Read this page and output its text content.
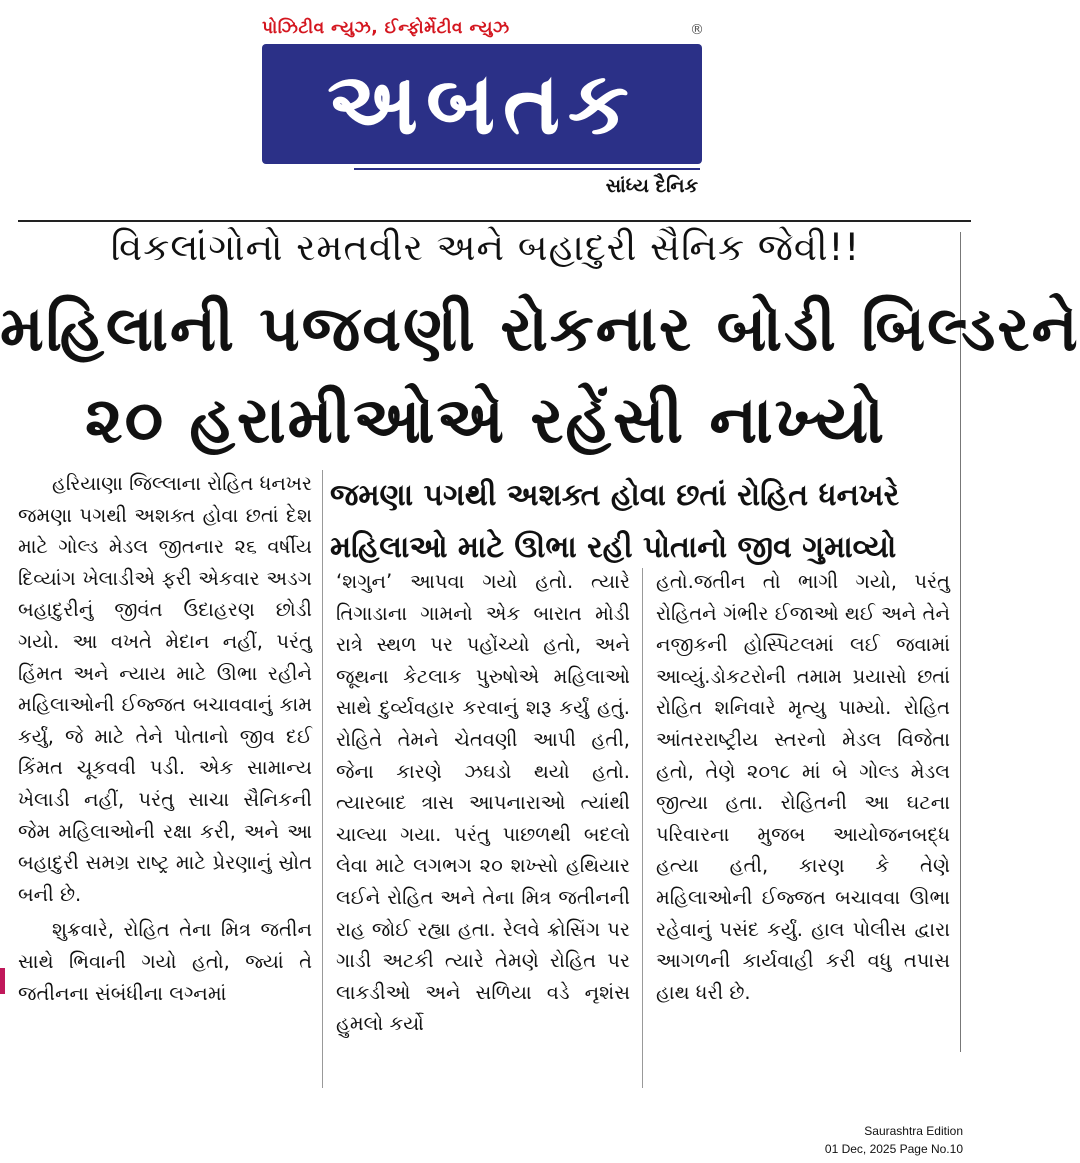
પોઝિટીવ ન્યુઝ, ઈન્ફોર્મેટીવ ન્યુઝ	®
અબતક
સાંધ્ય દૈનિક
વિકલાંગોનો રમતવીર અને બહાદુરી સૈનિક જેવી!!
મહિલાની પજવણી રોકનાર બોડી બિલ્ડરને
૨૦ હરામીઓએ રહેંસી નાખ્યો
જમણા પગથી અશક્ત હોવા છતાં રોહિત ધનખરે મહિલાઓ માટે ઊભા રહી પોતાનો જીવ ગુમાવ્યો

હરિયાણા જિલ્લાના રોહિત ધનખર જમણા પગથી અશક્ત હોવા છતાં દેશ માટે ગોલ્ડ મેડલ જીતનાર ૨૬ વર્ષીય દિવ્યાંગ ખેલાડીએ ફરી એકવાર અડગ બહાદુરીનું જીવંત ઉદાહરણ છોડી ગયો. આ વખતે મેદાન નહીં, પરંતુ હિંમત અને ન્યાય માટે ઊભા રહીને મહિલાઓની ઈજ્જત બચાવવાનું કામ કર્યું, જે માટે તેને પોતાનો જીવ દઈ કિંમત ચૂકવવી પડી. એક સામાન્ય ખેલાડી નહીં, પરંતુ સાચા સૈનિકની જેમ મહિલાઓની રક્ષા કરી, અને આ બહાદુરી સમગ્ર રાષ્ટ્ર માટે પ્રેરણાનું સ્રોત બની છે.

શુક્રવારે, રોહિત તેના મિત્ર જતીન સાથે ભિવાની ગયો હતો, જ્યાં તે જતીનના સંબંધીના લગ્નમાં

‘શગુન’ આપવા ગયો હતો. ત્યારે તિગાડાના ગામનો એક બારાત મોડી રાત્રે સ્થળ પર પહોંચ્યો હતો, અને જૂથના કેટલાક પુરુષોએ મહિલાઓ સાથે દુર્વ્યવહાર કરવાનું શરૂ કર્યું હતું. રોહિતે તેમને ચેતવણી આપી હતી, જેના કારણે ઝઘડો થયો હતો. ત્યારબાદ ત્રાસ આપનારાઓ ત્યાંથી ચાલ્યા ગયા. પરંતુ પાછળથી બદલો લેવા માટે લગભગ ૨૦ શખ્સો હથિયાર લઈને રોહિત અને તેના મિત્ર જતીનની રાહ જોઈ રહ્યા હતા. રેલવે ક્રોસિંગ પર ગાડી અટકી ત્યારે તેમણે રોહિત પર લાકડીઓ અને સળિયા વડે નૃશંસ હુમલો કર્યો

હતો.જતીન તો ભાગી ગયો, પરંતુ રોહિતને ગંભીર ઈજાઓ થઈ અને તેને નજીકની હોસ્પિટલમાં લઈ જવામાં આવ્યું.ડોકટરોની તમામ પ્રયાસો છતાં રોહિત શનિવારે મૃત્યુ પામ્યો. રોહિત આંતરરાષ્ટ્રીય સ્તરનો મેડલ વિજેતા હતો, તેણે ૨૦૧૮ માં બે ગોલ્ડ મેડલ જીત્યા હતા. રોહિતની આ ઘટના પરિવારના મુજબ આયોજનબદ્ધ હત્યા હતી, કારણ કે તેણે મહિલાઓની ઈજ્જત બચાવવા ઊભા રહેવાનું પસંદ કર્યું. હાલ પોલીસ દ્વારા આગળની કાર્યવાહી કરી વધુ તપાસ હાથ ધરી છે.

Saurashtra Edition
01 Dec, 2025 Page No.10
